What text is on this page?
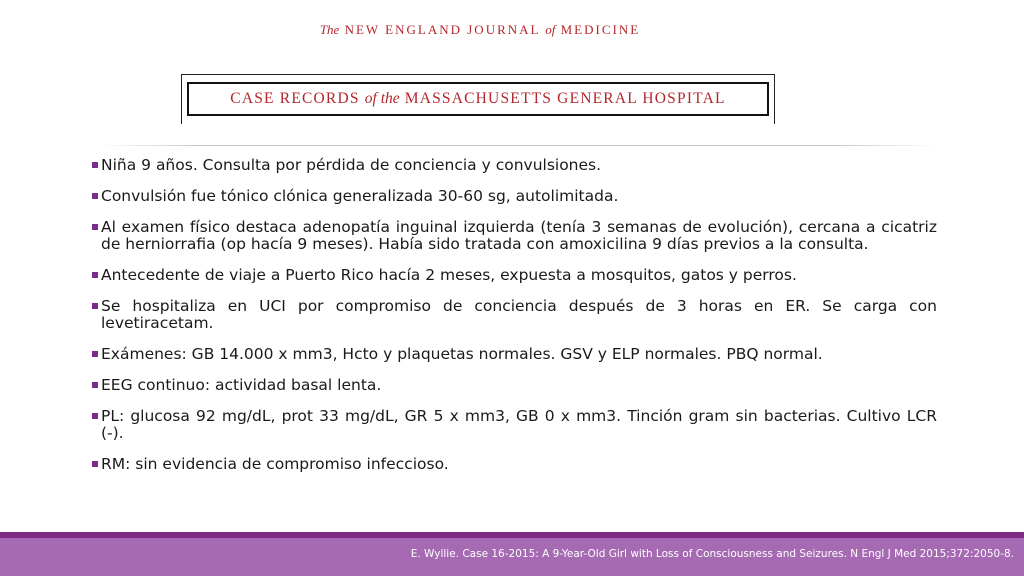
The NEW ENGLAND JOURNAL of MEDICINE
CASE RECORDS
of the
MASSACHUSETTS GENERAL HOSPITAL
Niña 9 años. Consulta por pérdida de conciencia y convulsiones.
Convulsión fue tónico clónica generalizada 30-60 sg, autolimitada.
Al examen físico destaca adenopatía inguinal izquierda (tenía 3 semanas de evolución), cercana a cicatriz de herniorrafia (op hacía 9 meses). Había sido tratada con amoxicilina 9 días previos a la consulta.
Antecedente de viaje a Puerto Rico hacía 2 meses, expuesta a mosquitos, gatos y perros.
Se hospitaliza en UCI por compromiso de conciencia después de 3 horas en ER. Se carga con levetiracetam.
Exámenes: GB 14.000 x mm3, Hcto y plaquetas normales. GSV y ELP normales. PBQ normal.
EEG continuo: actividad basal lenta.
PL: glucosa 92 mg/dL, prot 33 mg/dL, GR 5 x mm3, GB 0 x mm3. Tinción gram sin bacterias. Cultivo LCR (-).
RM: sin evidencia de compromiso infeccioso.
E. Wyllie. Case 16-2015: A 9-Year-Old Girl with Loss of Consciousness and Seizures. N Engl J Med 2015;372:2050-8.
